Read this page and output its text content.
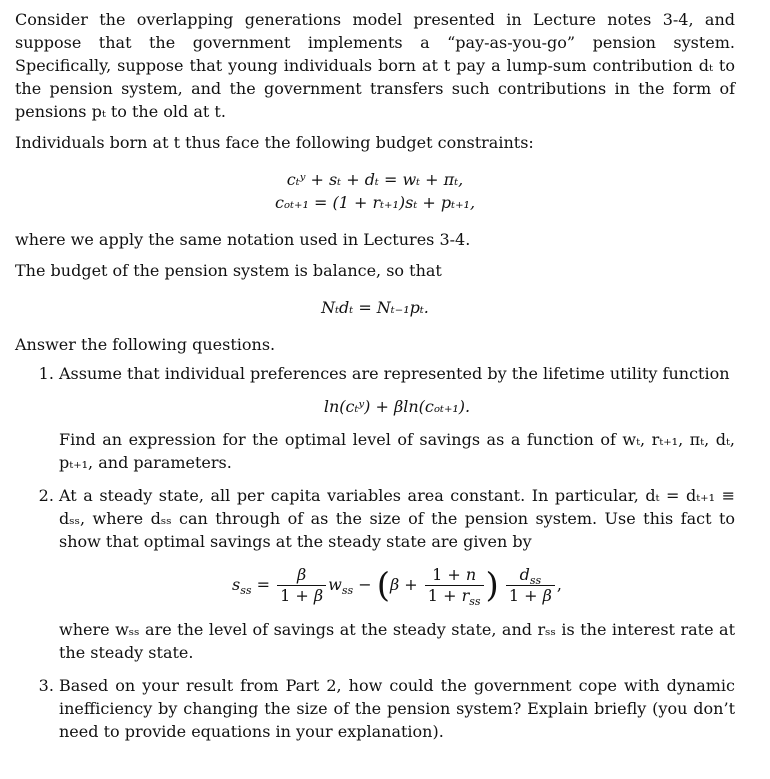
Consider the overlapping generations model presented in Lecture notes 3-4, and suppose that the government implements a “pay-as-you-go” pension system. Specifically, suppose that young individuals born at t pay a lump-sum contribution dₜ to the pension system, and the government transfers such contributions in the form of pensions pₜ to the old at t.

Individuals born at t thus face the following budget constraints:

cₜʸ + sₜ + dₜ = wₜ + πₜ,
cₒₜ₊₁ = (1 + rₜ₊₁)sₜ + pₜ₊₁,

where we apply the same notation used in Lectures 3-4.

The budget of the pension system is balance, so that

Nₜdₜ = Nₜ₋₁pₜ.

Answer the following questions.

1. Assume that individual preferences are represented by the lifetime utility function

ln(cₜʸ) + βln(cₒₜ₊₁).

Find an expression for the optimal level of savings as a function of wₜ, rₜ₊₁, πₜ, dₜ, pₜ₊₁, and parameters.

2. At a steady state, all per capita variables area constant. In particular, dₜ = dₜ₊₁ ≡ dₛₛ, where dₛₛ can through of as the size of the pension system. Use this fact to show that optimal savings at the steady state are given by

$s_{ss} = \frac{\beta}{1 + \beta} w_{ss} - (\beta + \frac{1 + n}{1 + r_{ss}}$ ) $\frac{d_{ss}}{1 + \beta}$ ,

where wₛₛ are the level of savings at the steady state, and rₛₛ is the interest rate at the steady state.

3. Based on your result from Part 2, how could the government cope with dynamic inefficiency by changing the size of the pension system? Explain briefly (you don’t need to provide equations in your explanation).
